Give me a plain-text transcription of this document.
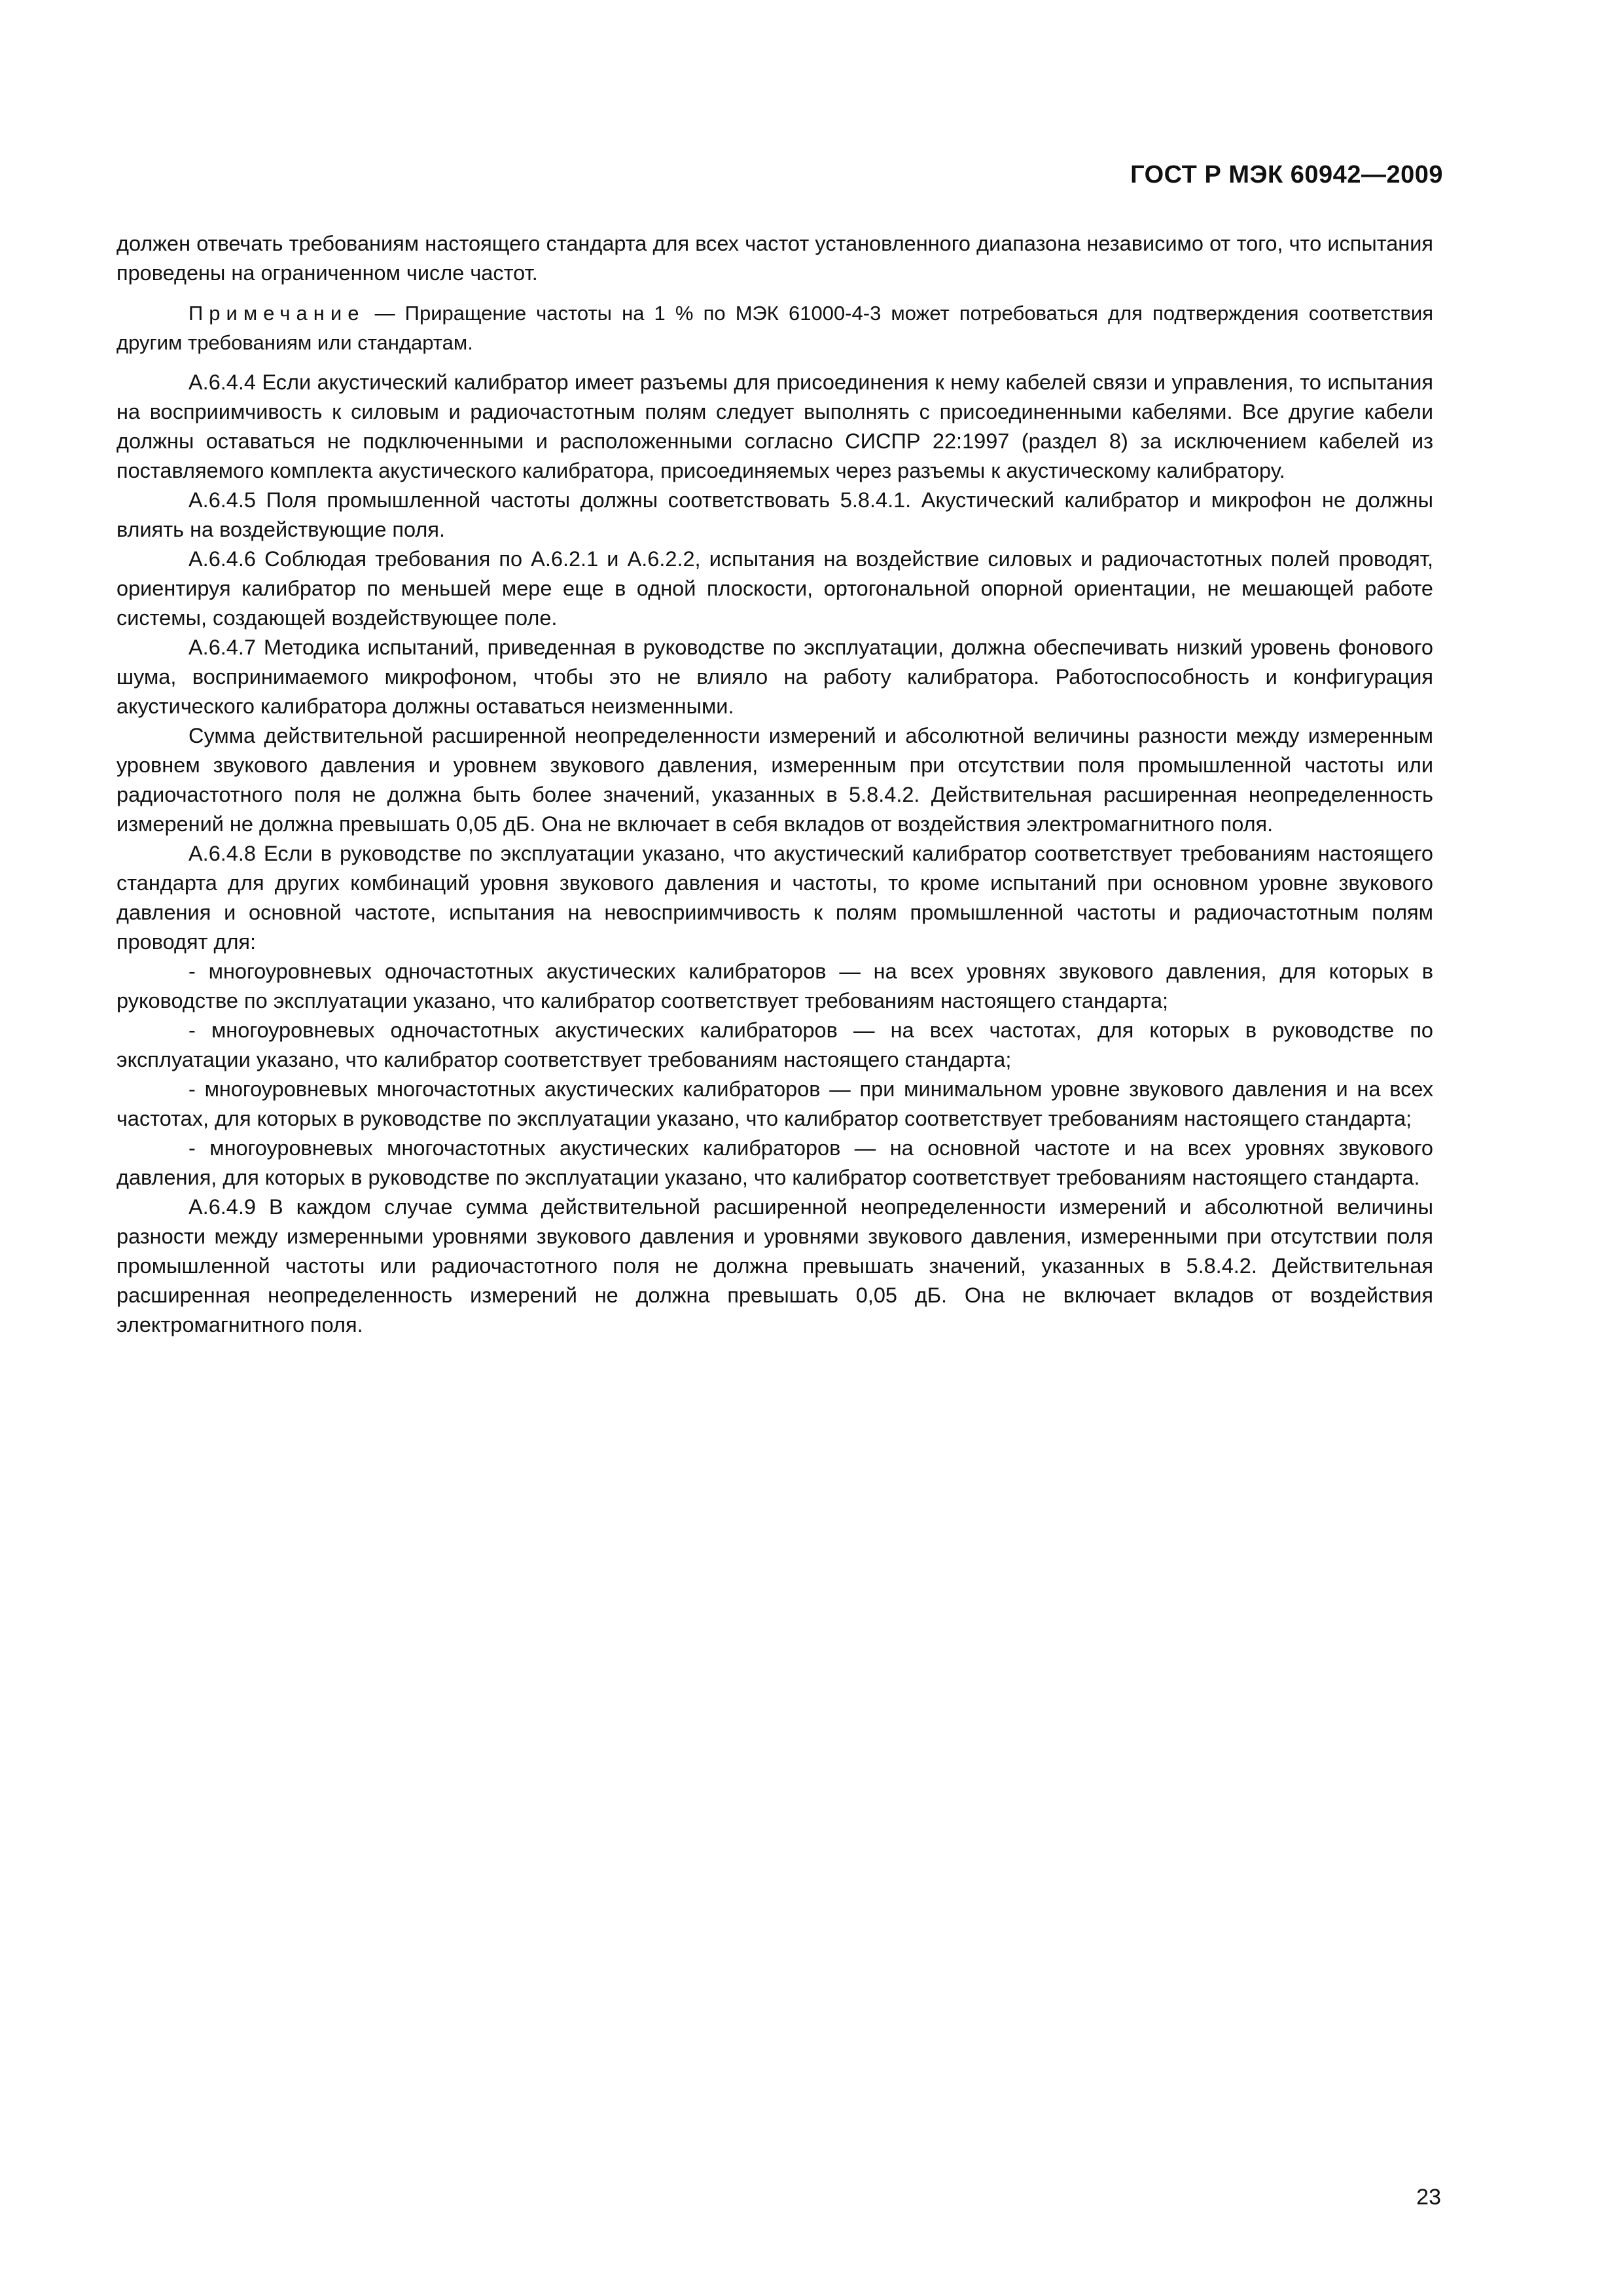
ГОСТ Р МЭК 60942—2009

должен отвечать требованиям настоящего стандарта для всех частот установленного диапазона независимо от того, что испытания проведены на ограниченном числе частот.

Примечание — Приращение частоты на 1 % по МЭК 61000-4-3 может потребоваться для подтверждения соответствия другим требованиям или стандартам.

А.6.4.4 Если акустический калибратор имеет разъемы для присоединения к нему кабелей связи и управления, то испытания на восприимчивость к силовым и радиочастотным полям следует выполнять с присоединенными кабелями. Все другие кабели должны оставаться не подключенными и расположенными согласно СИСПР 22:1997 (раздел 8) за исключением кабелей из поставляемого комплекта акустического калибратора, присоединяемых через разъемы к акустическому калибратору.

А.6.4.5 Поля промышленной частоты должны соответствовать 5.8.4.1. Акустический калибратор и микрофон не должны влиять на воздействующие поля.

А.6.4.6 Соблюдая требования по А.6.2.1 и А.6.2.2, испытания на воздействие силовых и радиочастотных полей проводят, ориентируя калибратор по меньшей мере еще в одной плоскости, ортогональной опорной ориентации, не мешающей работе системы, создающей воздействующее поле.

А.6.4.7 Методика испытаний, приведенная в руководстве по эксплуатации, должна обеспечивать низкий уровень фонового шума, воспринимаемого микрофоном, чтобы это не влияло на работу калибратора. Работоспособность и конфигурация акустического калибратора должны оставаться неизменными.

Сумма действительной расширенной неопределенности измерений и абсолютной величины разности между измеренным уровнем звукового давления и уровнем звукового давления, измеренным при отсутствии поля промышленной частоты или радиочастотного поля не должна быть более значений, указанных в 5.8.4.2. Действительная расширенная неопределенность измерений не должна превышать 0,05 дБ. Она не включает в себя вкладов от воздействия электромагнитного поля.

А.6.4.8 Если в руководстве по эксплуатации указано, что акустический калибратор соответствует требованиям настоящего стандарта для других комбинаций уровня звукового давления и частоты, то кроме испытаний при основном уровне звукового давления и основной частоте, испытания на невосприимчивость к полям промышленной частоты и радиочастотным полям проводят для:

- многоуровневых одночастотных акустических калибраторов — на всех уровнях звукового давления, для которых в руководстве по эксплуатации указано, что калибратор соответствует требованиям настоящего стандарта;

- многоуровневых одночастотных акустических калибраторов — на всех частотах, для которых в руководстве по эксплуатации указано, что калибратор соответствует требованиям настоящего стандарта;

- многоуровневых многочастотных акустических калибраторов — при минимальном уровне звукового давления и на всех частотах, для которых в руководстве по эксплуатации указано, что калибратор соответствует требованиям настоящего стандарта;

- многоуровневых многочастотных акустических калибраторов — на основной частоте и на всех уровнях звукового давления, для которых в руководстве по эксплуатации указано, что калибратор соответствует требованиям настоящего стандарта.

А.6.4.9 В каждом случае сумма действительной расширенной неопределенности измерений и абсолютной величины разности между измеренными уровнями звукового давления и уровнями звукового давления, измеренными при отсутствии поля промышленной частоты или радиочастотного поля не должна превышать значений, указанных в 5.8.4.2. Действительная расширенная неопределенность измерений не должна превышать 0,05 дБ. Она не включает вкладов от воздействия электромагнитного поля.

23
